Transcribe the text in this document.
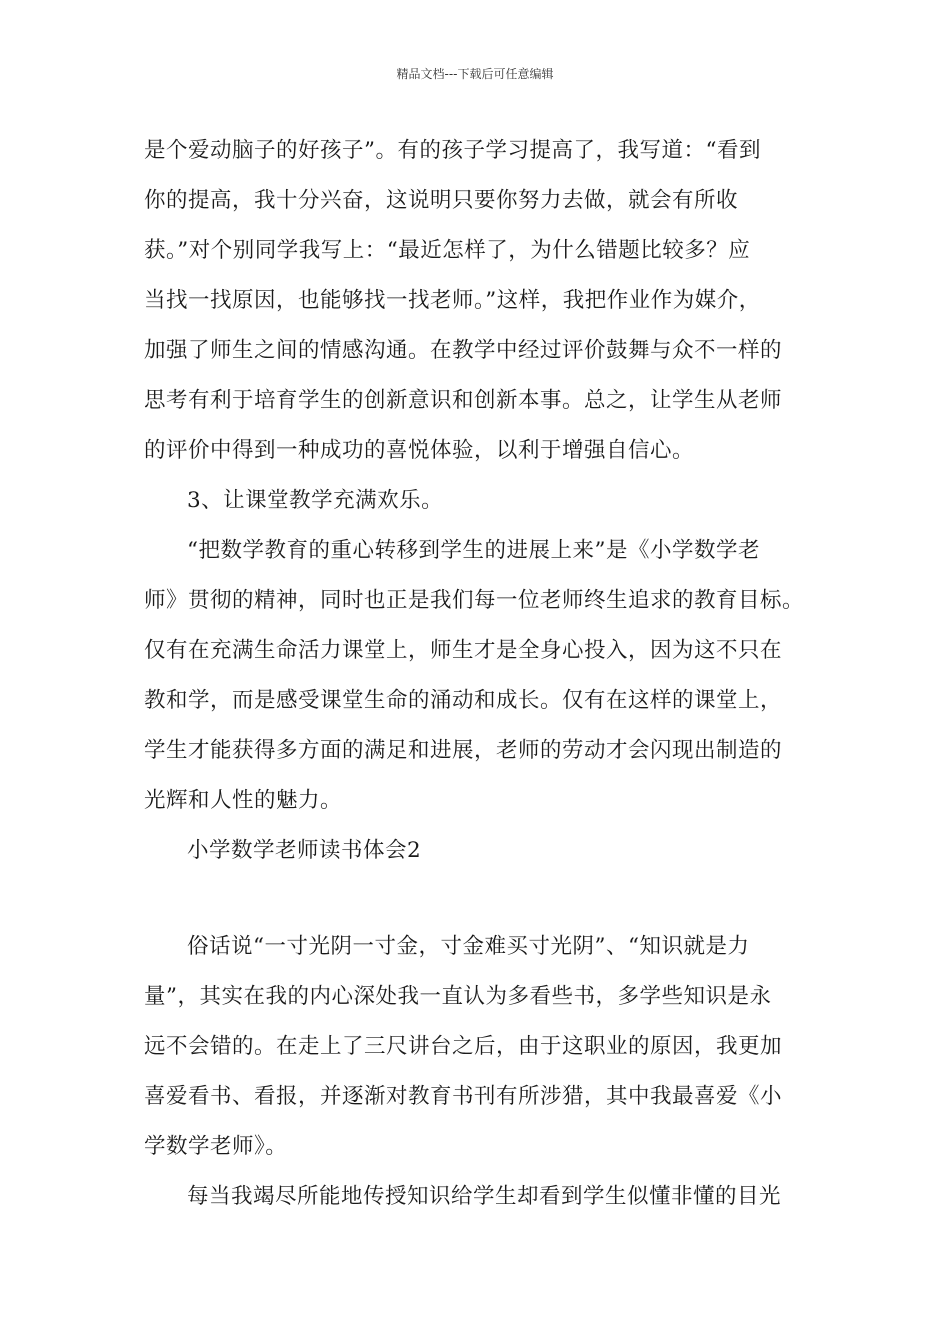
精品文档---下载后可任意编辑
是个爱动脑子的好孩子”。有的孩子学习提高了，我写道：“看到
你的提高，我十分兴奋，这说明只要你努力去做，就会有所收
获。”对个别同学我写上：“最近怎样了，为什么错题比较多？应
当找一找原因，也能够找一找老师。”这样，我把作业作为媒介，
加强了师生之间的情感沟通。在教学中经过评价鼓舞与众不一样的
思考有利于培育学生的创新意识和创新本事。总之，让学生从老师
的评价中得到一种成功的喜悦体验，以利于增强自信心。
3、让课堂教学充满欢乐。
“把数学教育的重心转移到学生的进展上来”是《小学数学老
师》贯彻的精神，同时也正是我们每一位老师终生追求的教育目标。
仅有在充满生命活力课堂上，师生才是全身心投入，因为这不只在
教和学，而是感受课堂生命的涌动和成长。仅有在这样的课堂上，
学生才能获得多方面的满足和进展，老师的劳动才会闪现出制造的
光辉和人性的魅力。
小学数学老师读书体会2
俗话说“一寸光阴一寸金，寸金难买寸光阴”、“知识就是力
量”，其实在我的内心深处我一直认为多看些书，多学些知识是永
远不会错的。在走上了三尺讲台之后，由于这职业的原因，我更加
喜爱看书、看报，并逐渐对教育书刊有所涉猎，其中我最喜爱《小
学数学老师》。
每当我竭尽所能地传授知识给学生却看到学生似懂非懂的目光
